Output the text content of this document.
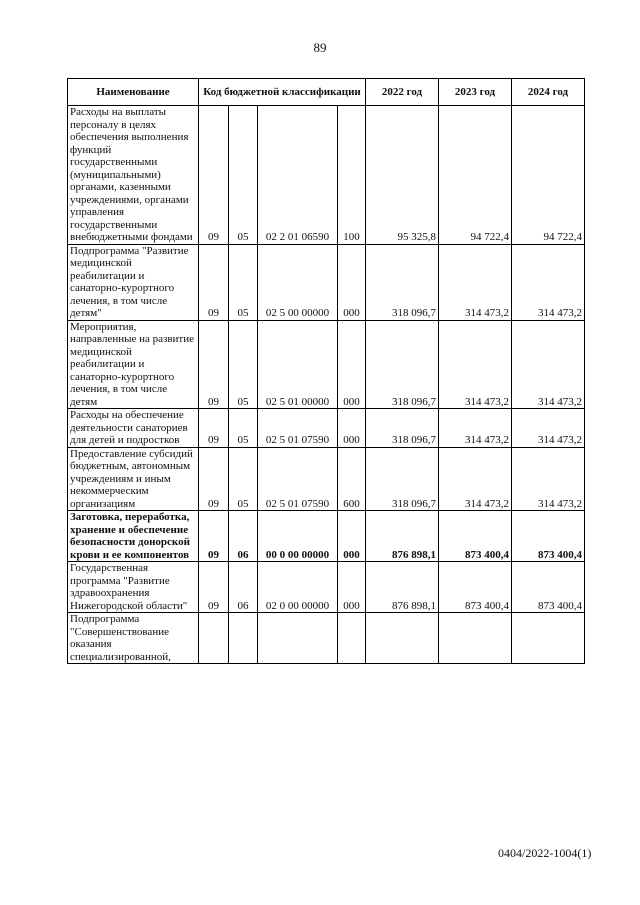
89
Наименование	Код бюджетной классификации				2022 год	2023 год	2024 год
Расходы на выплаты персоналу в целях обеспечения выполнения функций государственными (муниципальными) органами, казенными учреждениями, органами управления государственными внебюджетными фондами	09	05	02 2 01 06590	100	95 325,8	94 722,4	94 722,4
Подпрограмма "Развитие медицинской реабилитации и санаторно-курортного лечения, в том числе детям"	09	05	02 5 00 00000	000	318 096,7	314 473,2	314 473,2
Мероприятия, направленные на развитие медицинской реабилитации и санаторно-курортного лечения, в том числе детям	09	05	02 5 01 00000	000	318 096,7	314 473,2	314 473,2
Расходы на обеспечение деятельности санаториев для детей и подростков	09	05	02 5 01 07590	000	318 096,7	314 473,2	314 473,2
Предоставление субсидий бюджетным, автономным учреждениям и иным некоммерческим организациям	09	05	02 5 01 07590	600	318 096,7	314 473,2	314 473,2
Заготовка, переработка, хранение и обеспечение безопасности донорской крови и ее компонентов	09	06	00 0 00 00000	000	876 898,1	873 400,4	873 400,4
Государственная программа "Развитие здравоохранения Нижегородской области"	09	06	02 0 00 00000	000	876 898,1	873 400,4	873 400,4
Подпрограмма "Совершенствование оказания специализированной,							
0404/2022-1004(1)
